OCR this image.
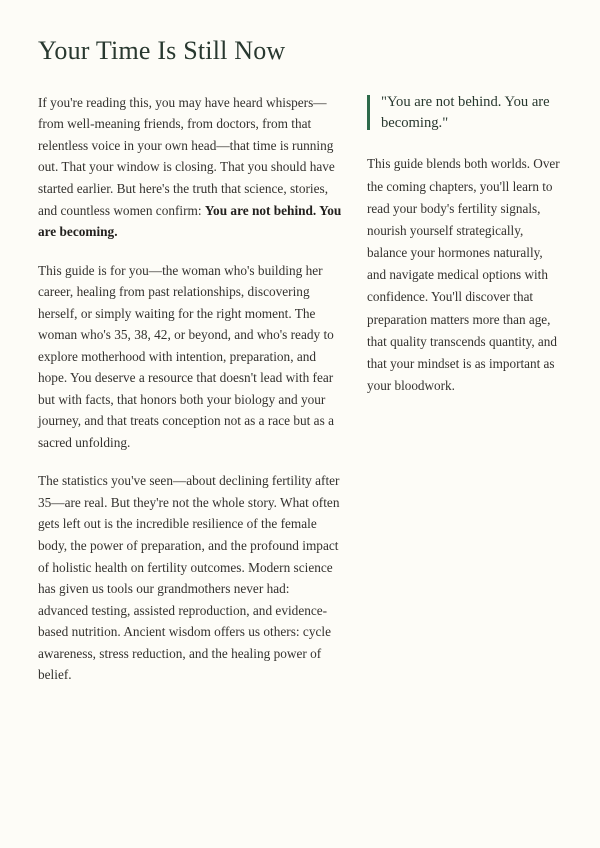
Your Time Is Still Now

If you're reading this, you may have heard whispers—from well-meaning friends, from doctors, from that relentless voice in your own head—that time is running out. That your window is closing. That you should have started earlier. But here's the truth that science, stories, and countless women confirm: You are not behind. You are becoming.

This guide is for you—the woman who's building her career, healing from past relationships, discovering herself, or simply waiting for the right moment. The woman who's 35, 38, 42, or beyond, and who's ready to explore motherhood with intention, preparation, and hope. You deserve a resource that doesn't lead with fear but with facts, that honors both your biology and your journey, and that treats conception not as a race but as a sacred unfolding.

The statistics you've seen—about declining fertility after 35—are real. But they're not the whole story. What often gets left out is the incredible resilience of the female body, the power of preparation, and the profound impact of holistic health on fertility outcomes. Modern science has given us tools our grandmothers never had: advanced testing, assisted reproduction, and evidence-based nutrition. Ancient wisdom offers us others: cycle awareness, stress reduction, and the healing power of belief.

"You are not behind. You are becoming."

This guide blends both worlds. Over the coming chapters, you'll learn to read your body's fertility signals, nourish yourself strategically, balance your hormones naturally, and navigate medical options with confidence. You'll discover that preparation matters more than age, that quality transcends quantity, and that your mindset is as important as your bloodwork.
